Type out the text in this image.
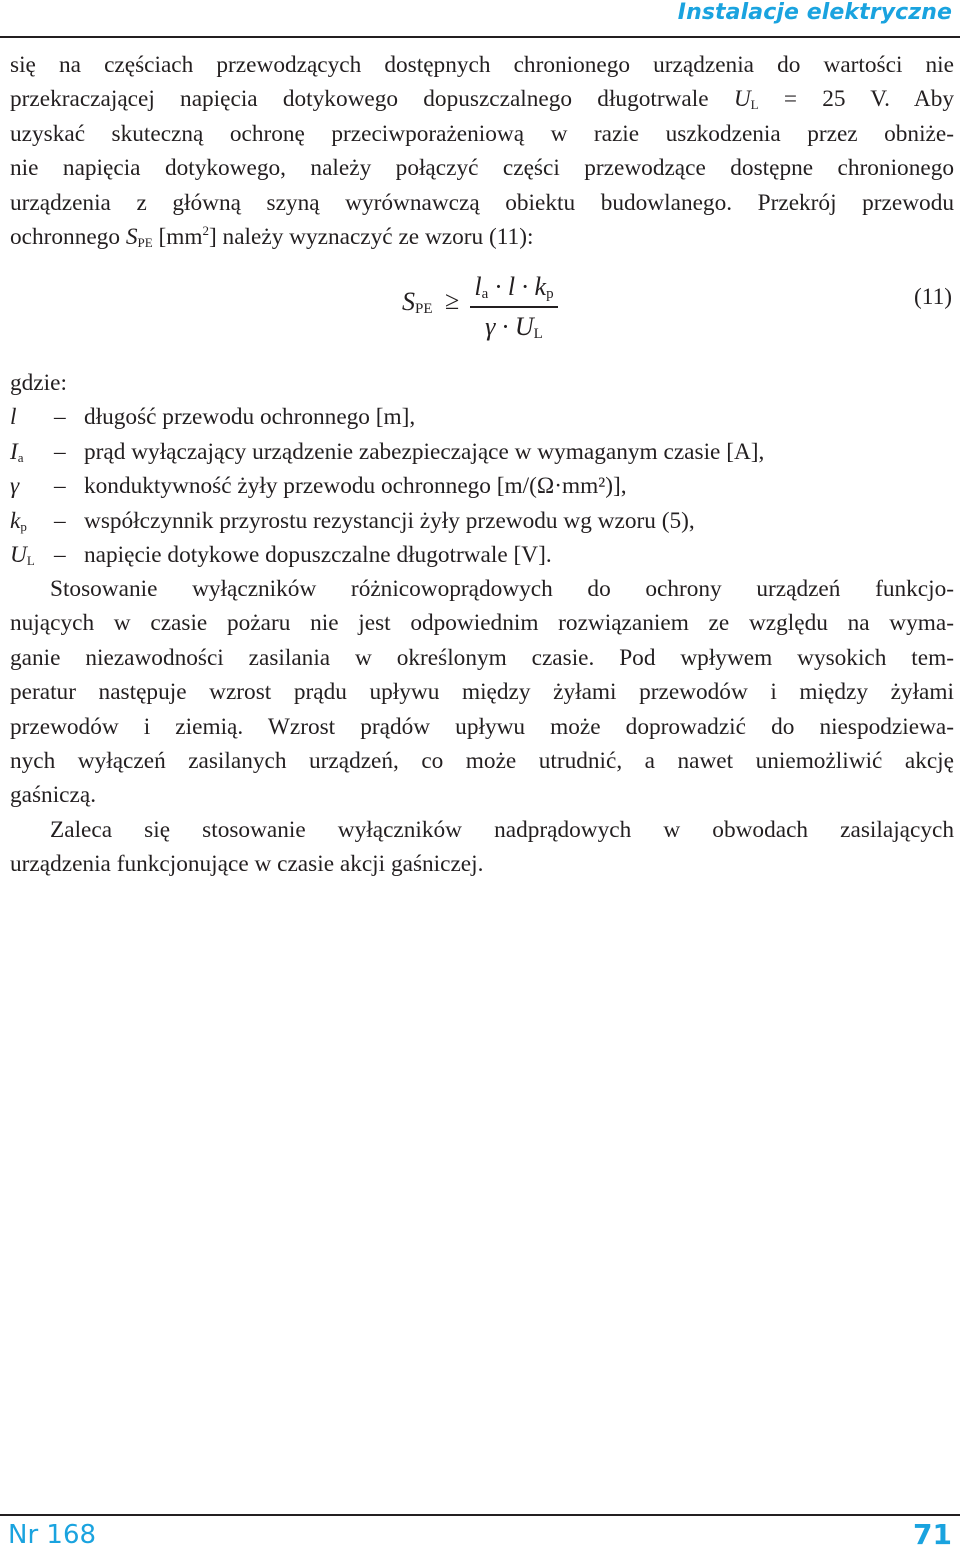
Instalacje elektryczne
się na częściach przewodzących dostępnych chronionego urządzenia do wartości nie
przekraczającej napięcia dotykowego dopuszczalnego długotrwale $U_L = 25$ V. Aby
uzyskać skuteczną ochronę przeciwporażeniową w razie uszkodzenia przez obniże-
nie napięcia dotykowego, należy połączyć części przewodzące dostępne chronionego
urządzenia z główną szyną wyrównawczą obiektu budowlanego. Przekrój przewodu
ochronnego $S_{PE}$ $[mm^2]$ należy wyznaczyć ze wzoru (11):
$S_{PE} \ge l_a \cdot l \cdot k_p$
$\gamma \cdot U_L$
(11)
gdzie:
l	– długość przewodu ochronnego [m],
$I_a$	– prąd wyłączający urządzenie zabezpieczające w wymaganym czasie [A],
γ	– konduktywność żyły przewodu ochronnego [m/(Ω·mm²)],
$k_p$	– współczynnik przyrostu rezystancji żyły przewodu wg wzoru (5),
$U_L$ – napięcie dotykowe dopuszczalne długotrwale [V].
Stosowanie wyłączników różnicowoprądowych do ochrony urządzeń funkcjo-
nujących w czasie pożaru nie jest odpowiednim rozwiązaniem ze względu na wyma-
ganie niezawodności zasilania w określonym czasie. Pod wpływem wysokich tem-
peratur następuje wzrost prądu upływu między żyłami przewodów i między żyłami
przewodów i ziemią. Wzrost prądów upływu może doprowadzić do niespodziewa-
nych wyłączeń zasilanych urządzeń, co może utrudnić, a nawet uniemożliwić akcję
gaśniczą.
Zaleca się stosowanie wyłączników nadprądowych w obwodach zasilających
urządzenia funkcjonujące w czasie akcji gaśniczej.
Nr 168	71
